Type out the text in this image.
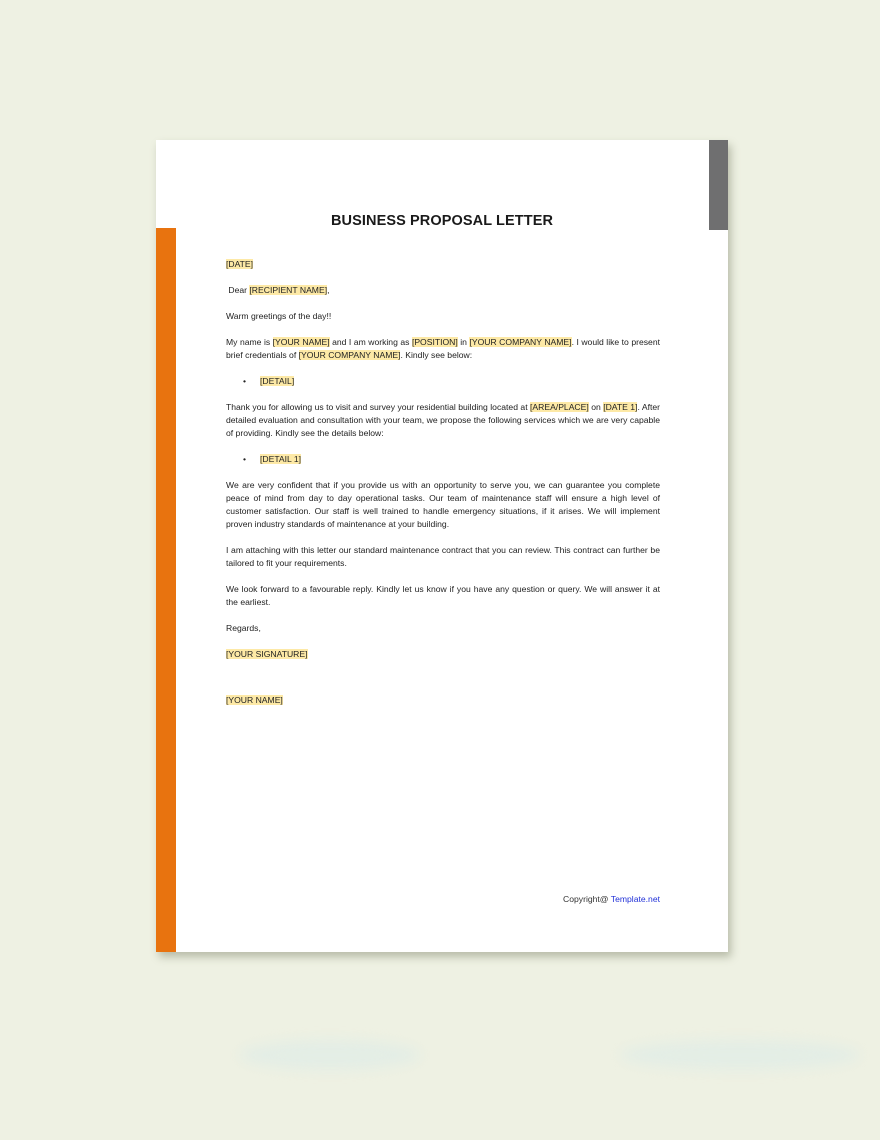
BUSINESS PROPOSAL LETTER

[DATE]

Dear [RECIPIENT NAME],

Warm greetings of the day!!

My name is [YOUR NAME] and I am working as [POSITION] in [YOUR COMPANY NAME]. I would like to present brief credentials of [YOUR COMPANY NAME]. Kindly see below:

• [DETAIL]

Thank you for allowing us to visit and survey your residential building located at [AREA/PLACE] on [DATE 1]. After detailed evaluation and consultation with your team, we propose the following services which we are very capable of providing. Kindly see the details below:

• [DETAIL 1]

We are very confident that if you provide us with an opportunity to serve you, we can guarantee you complete peace of mind from day to day operational tasks. Our team of maintenance staff will ensure a high level of customer satisfaction. Our staff is well trained to handle emergency situations, if it arises. We will implement proven industry standards of maintenance at your building.

I am attaching with this letter our standard maintenance contract that you can review. This contract can further be tailored to fit your requirements.

We look forward to a favourable reply. Kindly let us know if you have any question or query. We will answer it at the earliest.

Regards,

[YOUR SIGNATURE]

[YOUR NAME]

Copyright@ Template.net
